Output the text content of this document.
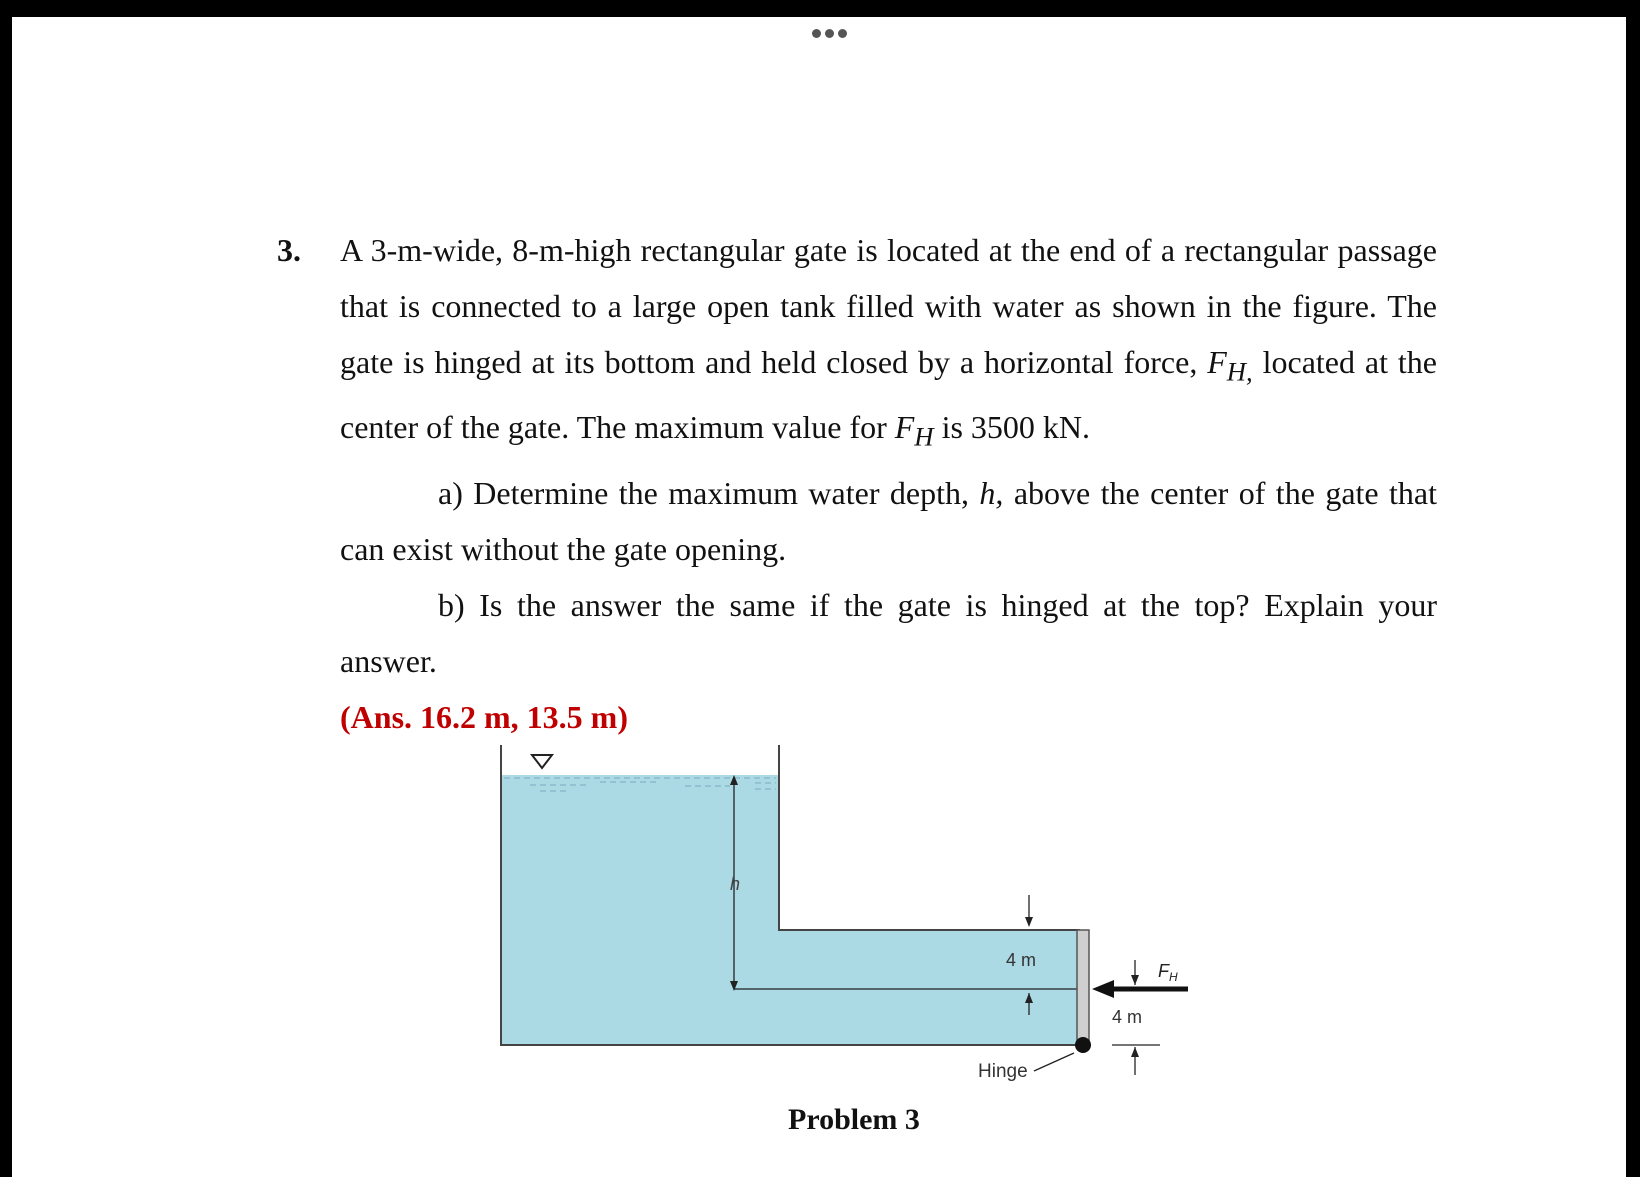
3. A 3-m-wide, 8-m-high rectangular gate is located at the end of a rectangular passage that is connected to a large open tank filled with water as shown in the figure. The gate is hinged at its bottom and held closed by a horizontal force, $F_{H,}$ located at the center of the gate. The maximum value for $F_H$ is 3500 kN.
a) Determine the maximum water depth, h, above the center of the gate that can exist without the gate opening.
b) Is the answer the same if the gate is hinged at the top? Explain your answer.
(Ans. 16.2 m, 13.5 m)
h
4 m
$F_H$
4 m
Hinge
Problem 3
